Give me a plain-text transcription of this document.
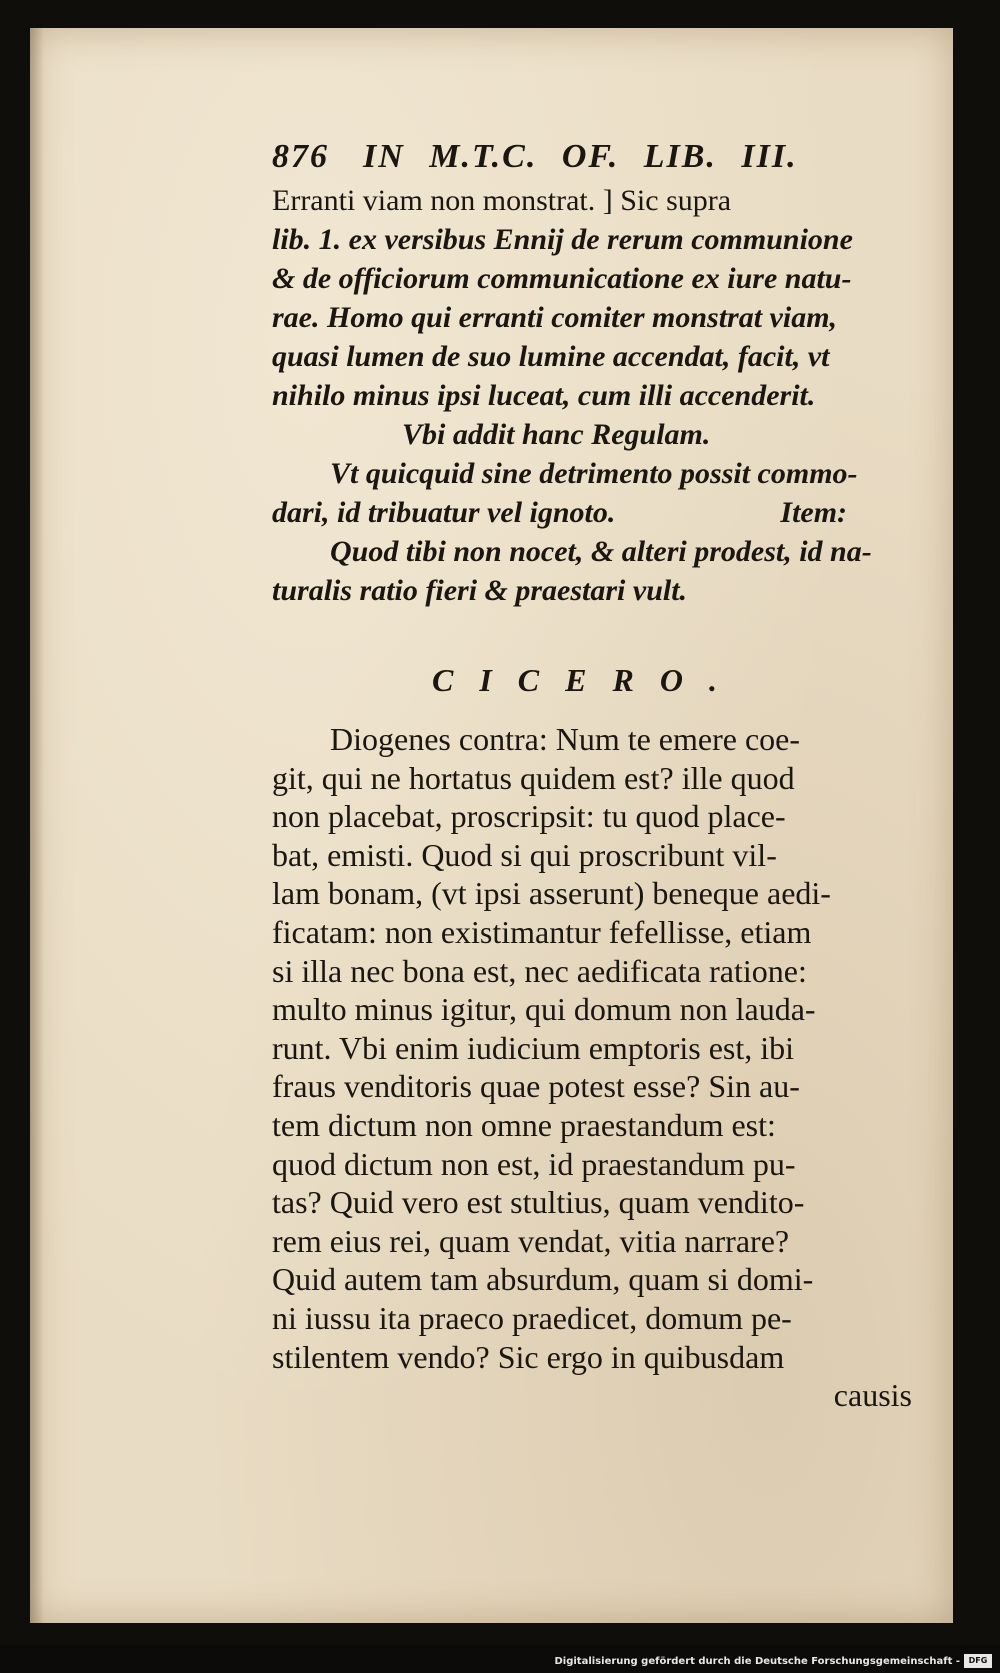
876 IN M.T.C. OF. LIB. III.
Erranti viam non monstrat. ] Sic supra
lib. 1. ex versibus Ennij de rerum communione
& de officiorum communicatione ex iure natu-
rae. Homo qui erranti comiter monstrat viam,
quasi lumen de suo lumine accendat, facit, vt
nihilo minus ipsi luceat, cum illi accenderit.
Vbi addit hanc Regulam.
Vt quicquid sine detrimento possit commo-
dari, id tribuatur vel ignoto.                      Item:
Quod tibi non nocet, & alteri prodest, id na-
turalis ratio fieri & praestari vult.
CICERO.
Diogenes contra: Num te emere coe-
git, qui ne hortatus quidem est? ille quod
non placebat, proscripsit: tu quod place-
bat, emisti. Quod si qui proscribunt vil-
lam bonam, (vt ipsi asserunt) beneque aedi-
ficatam: non existimantur fefellisse, etiam
si illa nec bona est, nec aedificata ratione:
multo minus igitur, qui domum non lauda-
runt. Vbi enim iudicium emptoris est, ibi
fraus venditoris quae potest esse? Sin au-
tem dictum non omne praestandum est:
quod dictum non est, id praestandum pu-
tas? Quid vero est stultius, quam vendito-
rem eius rei, quam vendat, vitia narrare?
Quid autem tam absurdum, quam si domi-
ni iussu ita praeco praedicet, domum pe-
stilentem vendo? Sic ergo in quibusdam
causis
Digitalisierung gefördert durch die Deutsche Forschungsgemeinschaft -	DFG
